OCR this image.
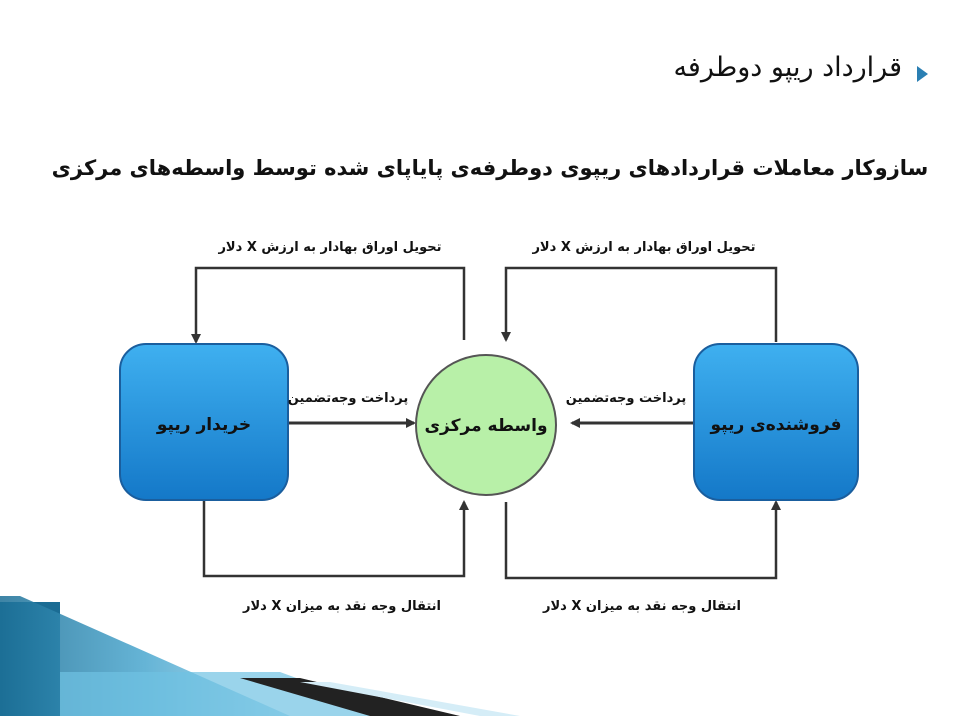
قرارداد ریپو دوطرفه
سازوکار معاملات قراردادهای ریپوی دوطرفه‌ی پایاپای شده توسط واسطه‌های مرکزی
خریدار ریپو	واسطه مرکزی	فروشنده‌ی ریپو
تحویل اوراق بهادار به ارزش X دلار	تحویل اوراق بهادار به ارزش X دلار
پرداخت وجه‌تضمین	پرداخت وجه‌تضمین
انتقال وجه نقد به میزان X دلار	انتقال وجه نقد به میزان X دلار
